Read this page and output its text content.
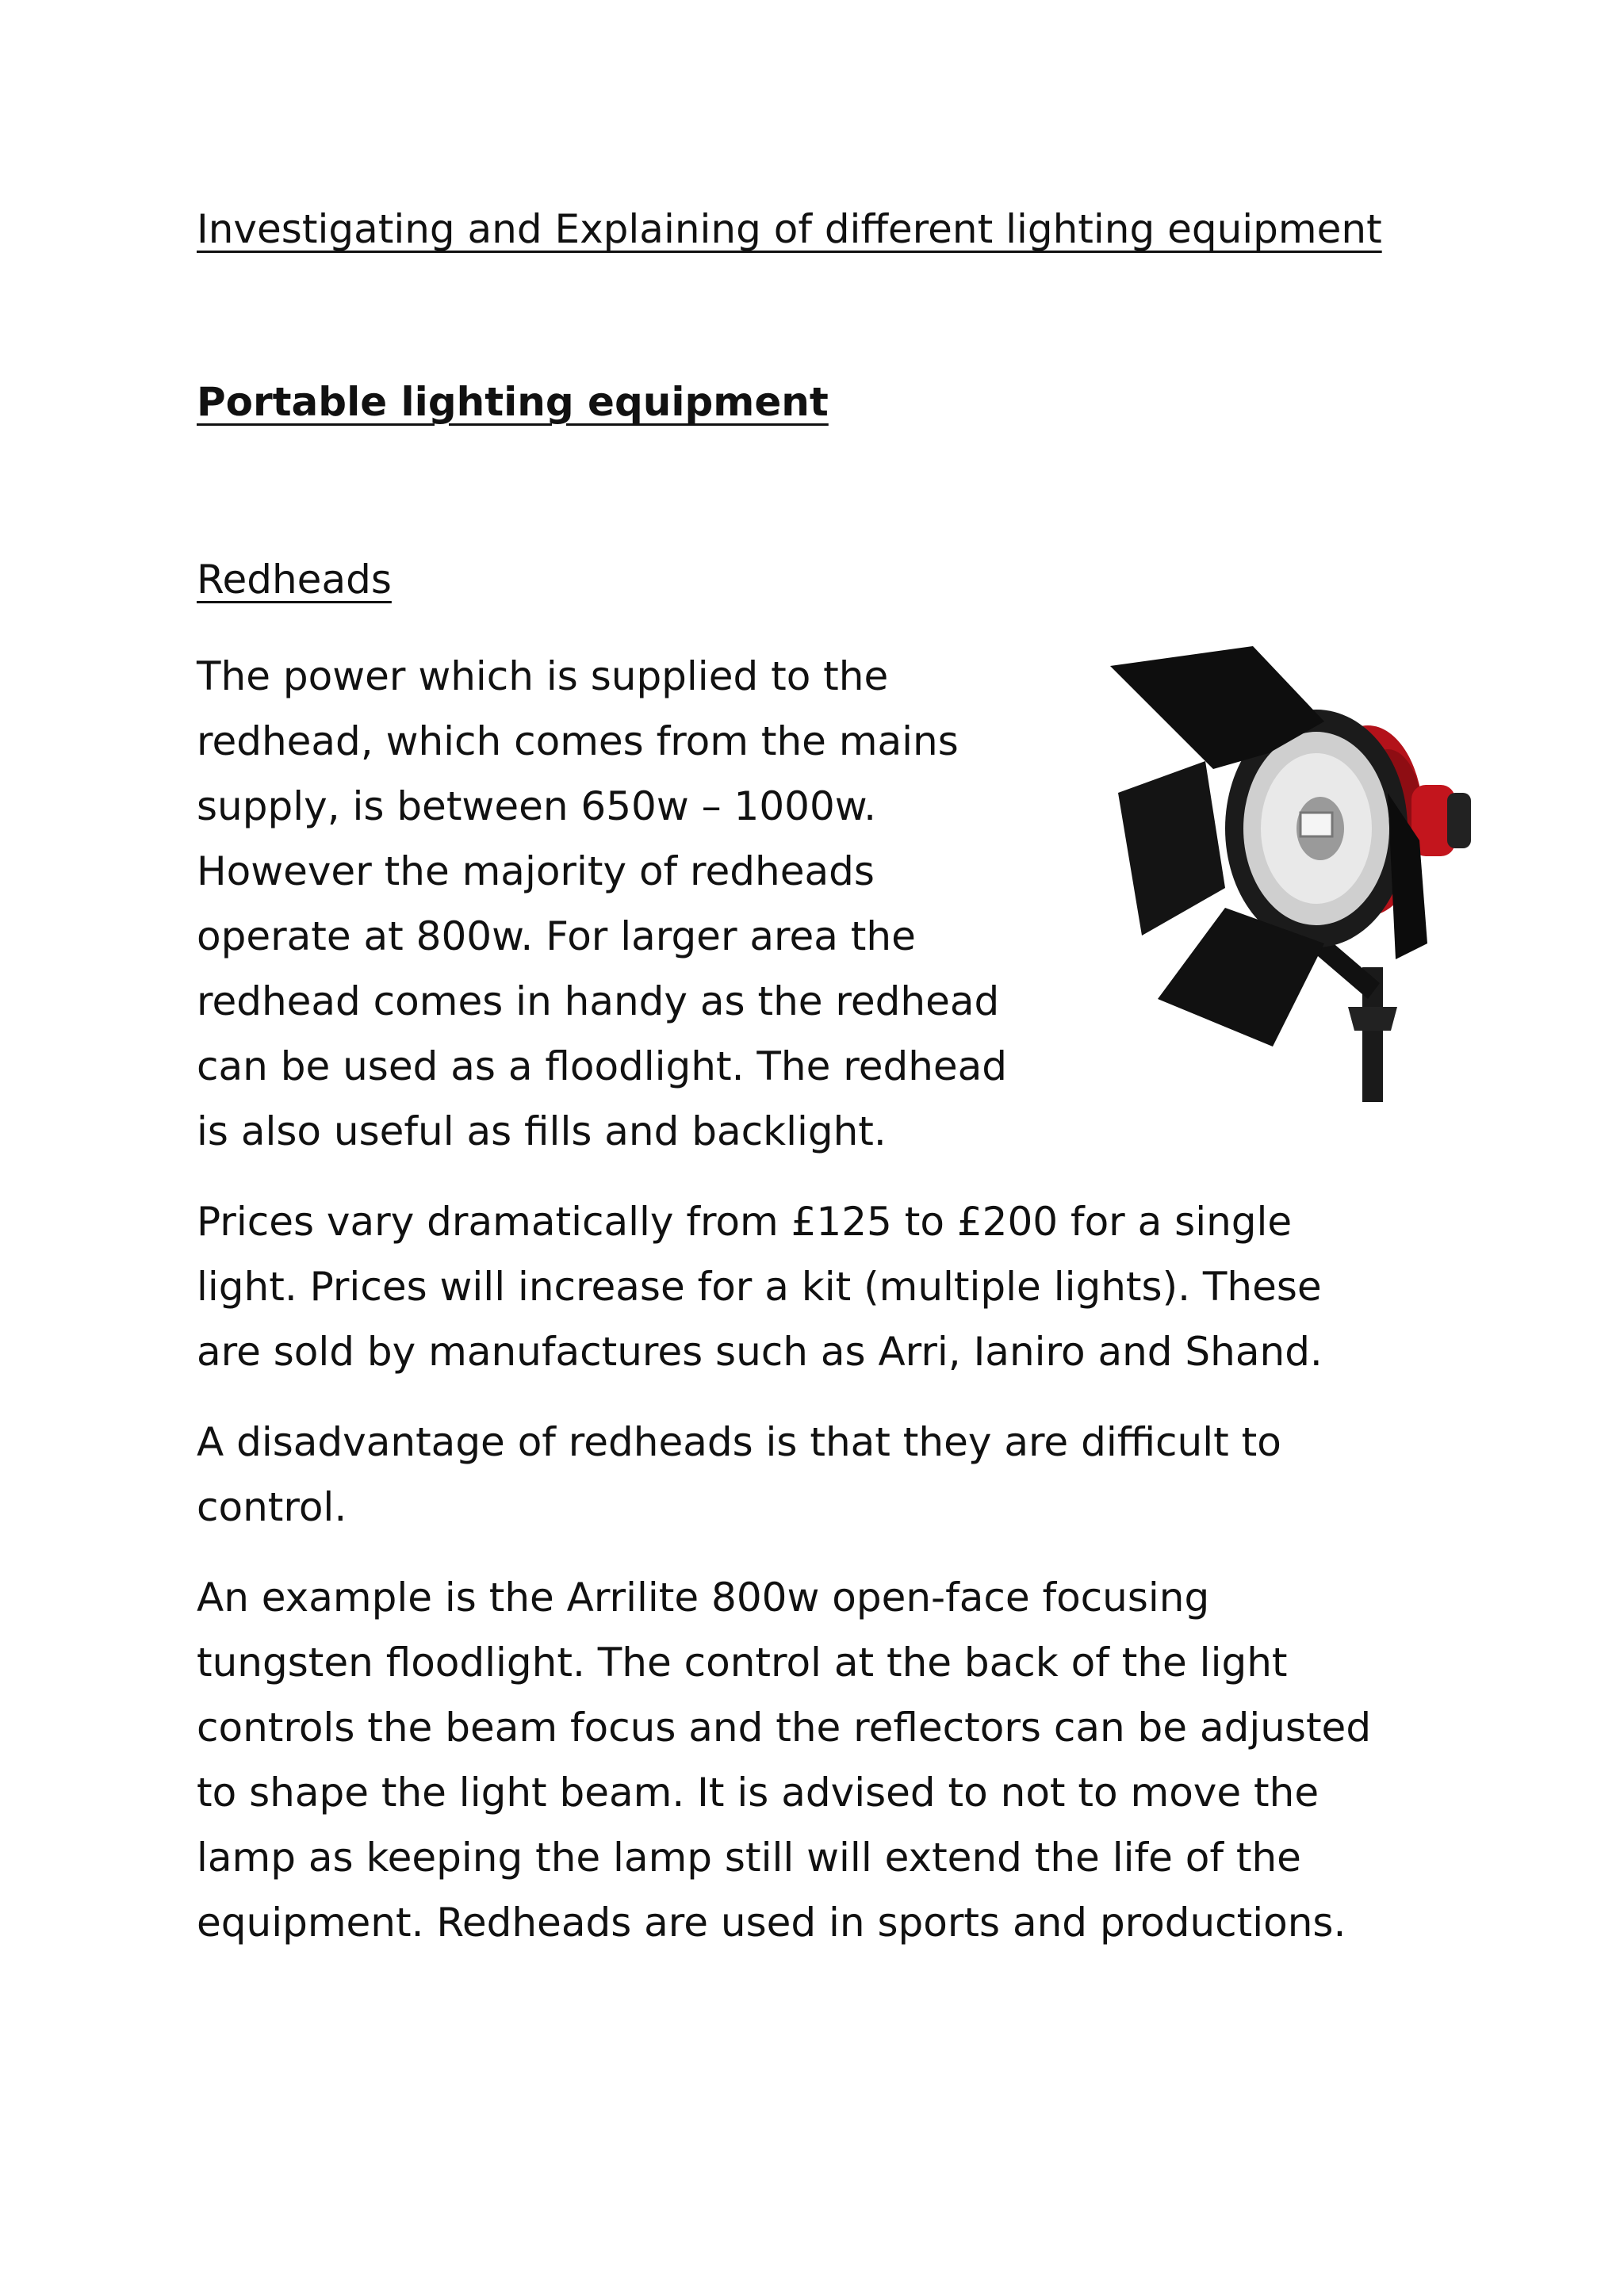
Investigating and Explaining of different lighting equipment
Portable lighting equipment
Redheads
The power which is supplied to the
redhead, which comes from the mains
supply, is between 650w – 1000w.
However the majority of redheads
operate at 800w. For larger area the
redhead comes in handy as the redhead
can be used as a floodlight. The redhead
is also useful as fills and backlight.
Prices vary dramatically from £125 to £200 for a single
light. Prices will increase for a kit (multiple lights). These
are sold by manufactures such as Arri, Ianiro and Shand.
A disadvantage of redheads is that they are difficult to
control.
An example is the Arrilite 800w open-face focusing
tungsten floodlight. The control at the back of the light
controls the beam focus and the reflectors can be adjusted
to shape the light beam. It is advised to not to move the
lamp as keeping the lamp still will extend the life of the
equipment. Redheads are used in sports and productions.
